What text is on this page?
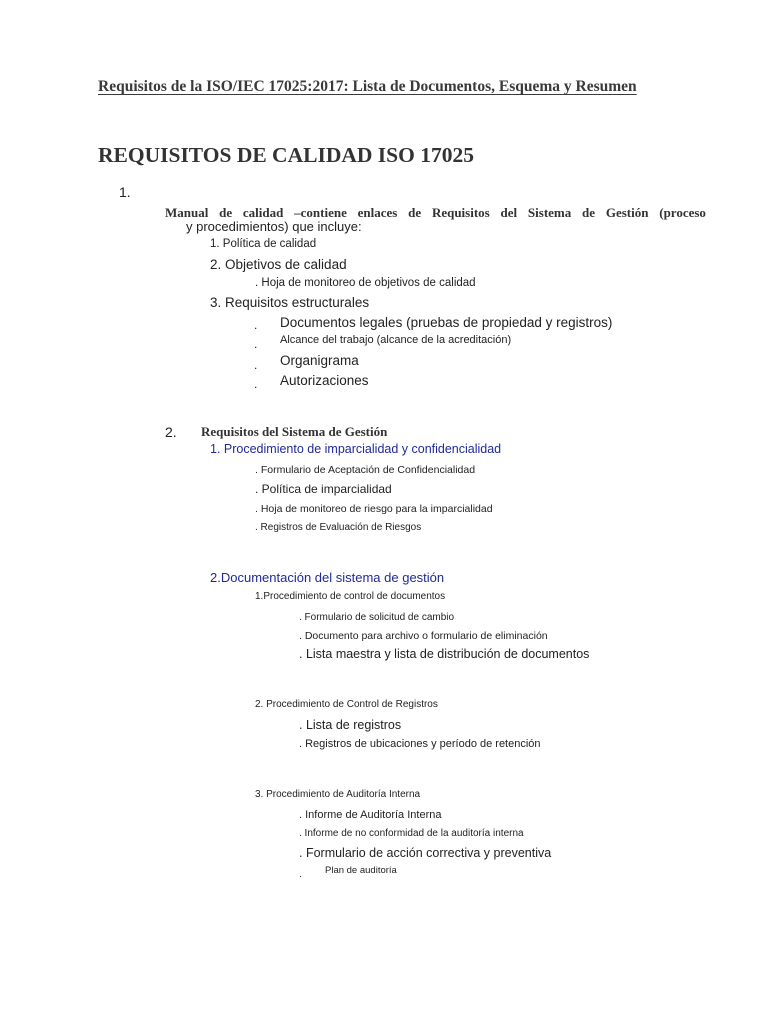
Requisitos de la ISO/IEC 17025:2017: Lista de Documentos, Esquema y Resumen
REQUISITOS DE CALIDAD ISO 17025
1.
Manual de calidad –contiene enlaces de Requisitos del Sistema de Gestión (proceso
y procedimientos) que incluye:
1. Política de calidad
2. Objetivos de calidad
. Hoja de monitoreo de objetivos de calidad
3. Requisitos estructurales
. Documentos legales (pruebas de propiedad y registros)
. Alcance del trabajo (alcance de la acreditación)
. Organigrama
. Autorizaciones
2. Requisitos del Sistema de Gestión
1. Procedimiento de imparcialidad y confidencialidad
. Formulario de Aceptación de Confidencialidad
. Política de imparcialidad
. Hoja de monitoreo de riesgo para la imparcialidad
. Registros de Evaluación de Riesgos
2.Documentación del sistema de gestión
1.Procedimiento de control de documentos
. Formulario de solicitud de cambio
. Documento para archivo o formulario de eliminación
. Lista maestra y lista de distribución de documentos
2. Procedimiento de Control de Registros
. Lista de registros
. Registros de ubicaciones y período de retención
3. Procedimiento de Auditoría Interna
. Informe de Auditoría Interna
. Informe de no conformidad de la auditoría interna
. Formulario de acción correctiva y preventiva
. Plan de auditoría
